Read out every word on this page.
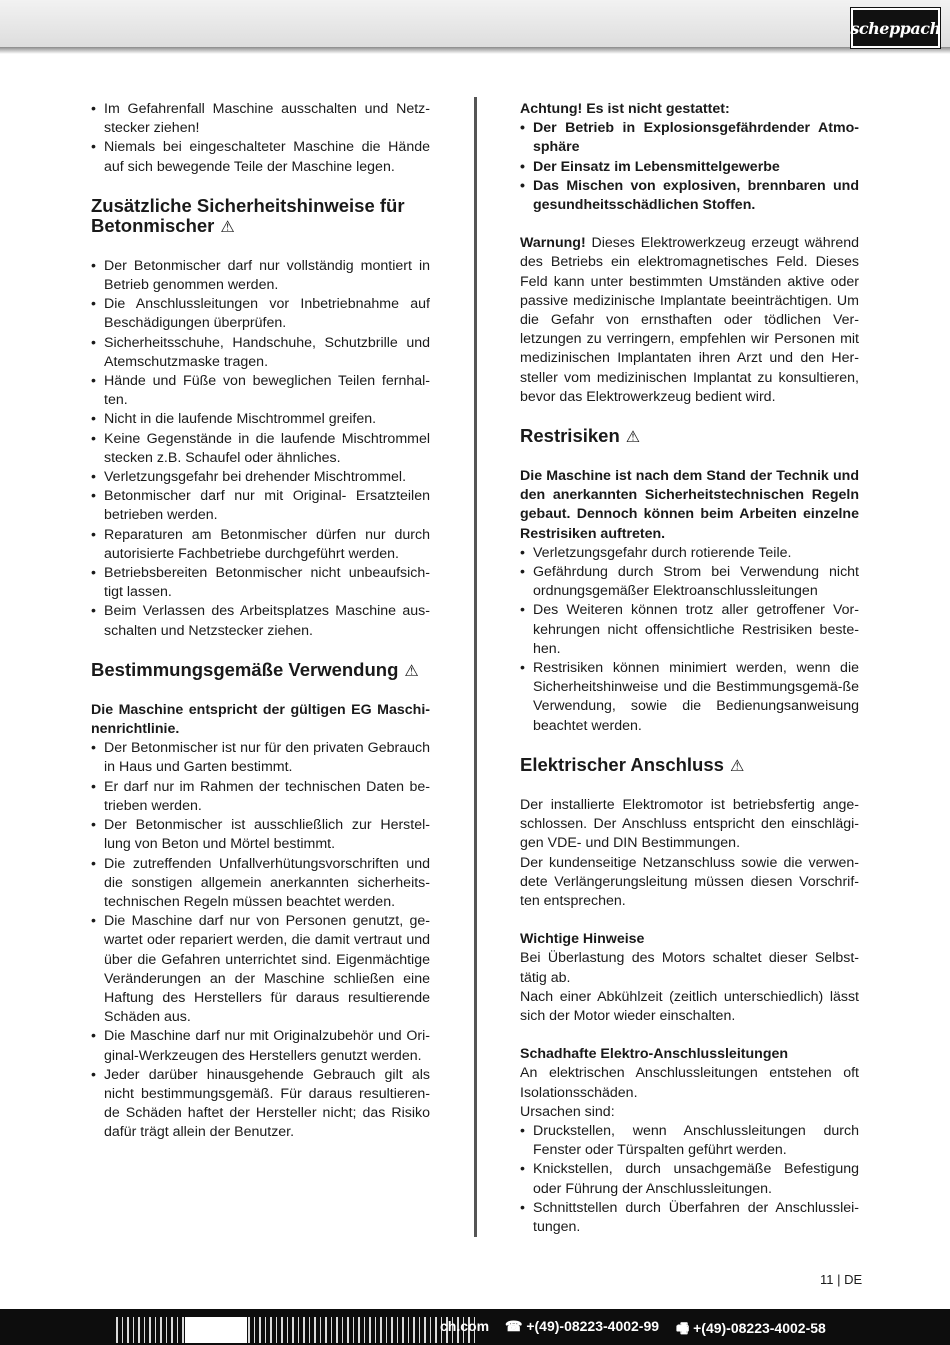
scheppach
• Im Gefahrenfall Maschine ausschalten und Netz-stecker ziehen!
• Niemals bei eingeschalteter Maschine die Hände auf sich bewegende Teile der Maschine legen.
Zusätzliche Sicherheitshinweise für Betonmischer ⚠
• Der Betonmischer darf nur vollständig montiert in Betrieb genommen werden.
• Die Anschlussleitungen vor Inbetriebnahme auf Beschädigungen überprüfen.
• Sicherheitsschuhe, Handschuhe, Schutzbrille und Atemschutzmaske tragen.
• Hände und Füße von beweglichen Teilen fernhal-ten.
• Nicht in die laufende Mischtrommel greifen.
• Keine Gegenstände in die laufende Mischtrommel stecken z.B. Schaufel oder ähnliches.
• Verletzungsgefahr bei drehender Mischtrommel.
• Betonmischer darf nur mit Original- Ersatzteilen betrieben werden.
• Reparaturen am Betonmischer dürfen nur durch autorisierte Fachbetriebe durchgeführt werden.
• Betriebsbereiten Betonmischer nicht unbeaufsich-tigt lassen.
• Beim Verlassen des Arbeitsplatzes Maschine aus-schalten und Netzstecker ziehen.
Bestimmungsgemäße Verwendung ⚠

Die Maschine entspricht der gültigen EG Maschi-nenrichtlinie.

• Der Betonmischer ist nur für den privaten Gebrauch in Haus und Garten bestimmt.
• Er darf nur im Rahmen der technischen Daten be-trieben werden.
• Der Betonmischer ist ausschließlich zur Herstel-lung von Beton und Mörtel bestimmt.
• Die zutreffenden Unfallverhütungsvorschriften und die sonstigen allgemein anerkannten sicherheits-technischen Regeln müssen beachtet werden.
• Die Maschine darf nur von Personen genutzt, ge-wartet oder repariert werden, die damit vertraut und über die Gefahren unterrichtet sind. Eigenmächtige Veränderungen an der Maschine schließen eine Haftung des Herstellers für daraus resultierende Schäden aus.
• Die Maschine darf nur mit Originalzubehör und Ori-ginal-Werkzeugen des Herstellers genutzt werden.
• Jeder darüber hinausgehende Gebrauch gilt als nicht bestimmungsgemäß. Für daraus resultieren-de Schäden haftet der Hersteller nicht; das Risiko dafür trägt allein der Benutzer.

Achtung! Es ist nicht gestattet:

• Der Betrieb in Explosionsgefährdender Atmo-sphäre
• Der Einsatz im Lebensmittelgewerbe
• Das Mischen von explosiven, brennbaren und gesundheitsschädlichen Stoffen.

Warnung! Dieses Elektrowerkzeug erzeugt während des Betriebs ein elektromagnetisches Feld. Dieses Feld kann unter bestimmten Umständen aktive oder passive medizinische Implantate beeinträchtigen. Um die Gefahr von ernsthaften oder tödlichen Ver-letzungen zu verringern, empfehlen wir Personen mit medizinischen Implantaten ihren Arzt und den Her-steller vom medizinischen Implantat zu konsultieren, bevor das Elektrowerkzeug bedient wird.

Restrisiken ⚠

Die Maschine ist nach dem Stand der Technik und den anerkannten Sicherheitstechnischen Regeln gebaut. Dennoch können beim Arbeiten einzelne Restrisiken auftreten.

• Verletzungsgefahr durch rotierende Teile.
• Gefährdung durch Strom bei Verwendung nicht ordnungsgemäßer Elektroanschlussleitungen
• Des Weiteren können trotz aller getroffener Vor-kehrungen nicht offensichtliche Restrisiken beste-hen.
• Restrisiken können minimiert werden, wenn die Sicherheitshinweise und die Bestimmungsgemä-ße Verwendung, sowie die Bedienungsanweisung beachtet werden.
Elektrischer Anschluss ⚠

Der installierte Elektromotor ist betriebsfertig ange-schlossen. Der Anschluss entspricht den einschlägi-gen VDE- und DIN Bestimmungen.

Der kundenseitige Netzanschluss sowie die verwen-dete Verlängerungsleitung müssen diesen Vorschrif-ten entsprechen.

Wichtige Hinweise

Bei Überlastung des Motors schaltet dieser Selbst-tätig ab.

Nach einer Abkühlzeit (zeitlich unterschiedlich) lässt sich der Motor wieder einschalten.

Schadhafte Elektro-Anschlussleitungen

An elektrischen Anschlussleitungen entstehen oft Isolationsschäden.

Ursachen sind:

• Druckstellen, wenn Anschlussleitungen durch Fenster oder Türspalten geführt werden.
• Knickstellen, durch unsachgemäße Befestigung oder Führung der Anschlussleitungen.
• Schnittstellen durch Überfahren der Anschlusslei-tungen.
11 | DE
ch.com ☎ +(49)-08223-4002-99 🖷 +(49)-08223-4002-58
